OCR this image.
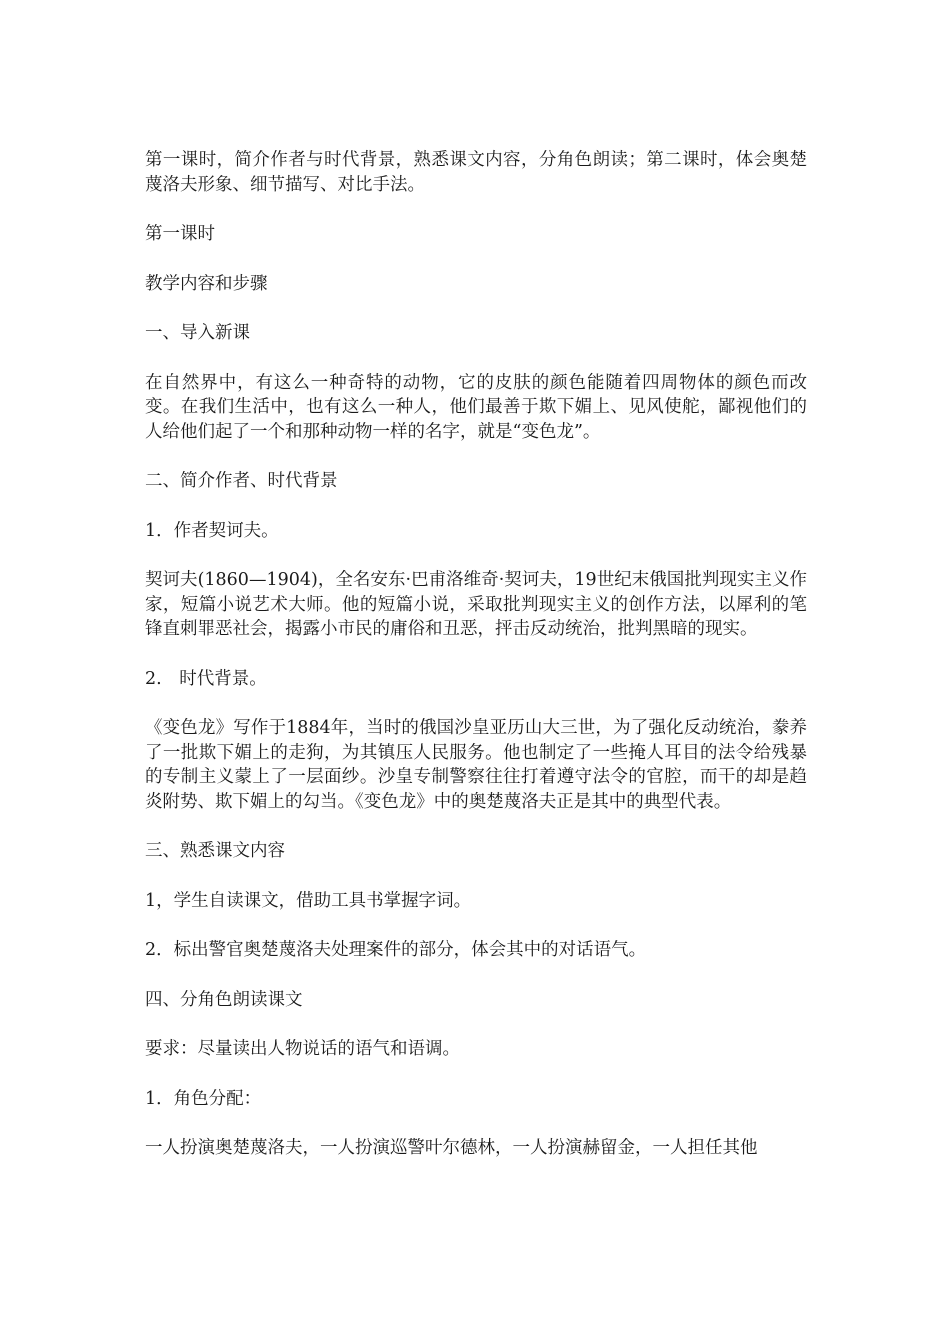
第一课时，简介作者与时代背景，熟悉课文内容，分角色朗读；第二课时，体会奥楚蔑洛夫形象、细节描写、对比手法。

第一课时

教学内容和步骤

一、导入新课

在自然界中，有这么一种奇特的动物，它的皮肤的颜色能随着四周物体的颜色而改变。在我们生活中，也有这么一种人，他们最善于欺下媚上、见风使舵，鄙视他们的人给他们起了一个和那种动物一样的名字，就是“变色龙”。

二、简介作者、时代背景

1．作者契诃夫。

契诃夫(1860—1904)，全名安东·巴甫洛维奇·契诃夫，19世纪末俄国批判现实主义作家，短篇小说艺术大师。他的短篇小说，采取批判现实主义的创作方法，以犀利的笔锋直刺罪恶社会，揭露小市民的庸俗和丑恶，抨击反动统治，批判黑暗的现实。

2.　时代背景。

《变色龙》写作于1884年，当时的俄国沙皇亚历山大三世，为了强化反动统治，豢养了一批欺下媚上的走狗，为其镇压人民服务。他也制定了一些掩人耳目的法令给残暴的专制主义蒙上了一层面纱。沙皇专制警察往往打着遵守法令的官腔，而干的却是趋炎附势、欺下媚上的勾当。《变色龙》中的奥楚蔑洛夫正是其中的典型代表。

三、熟悉课文内容

1，学生自读课文，借助工具书掌握字词。

2．标出警官奥楚蔑洛夫处理案件的部分，体会其中的对话语气。

四、分角色朗读课文

要求：尽量读出人物说话的语气和语调。

1．角色分配：

一人扮演奥楚蔑洛夫，一人扮演巡警叶尔德林，一人扮演赫留金，一人担任其他
